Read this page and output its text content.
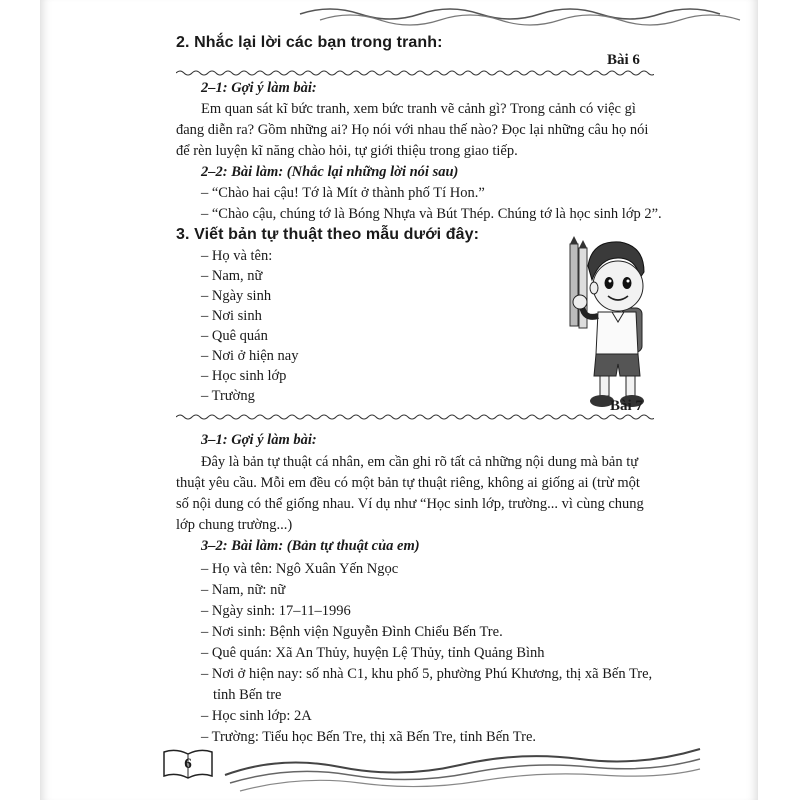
2. Nhắc lại lời các bạn trong tranh:
Bài 6
2–1: Gợi ý làm bài:
Em quan sát kĩ bức tranh, xem bức tranh vẽ cảnh gì? Trong cảnh có việc gì
đang diễn ra? Gồm những ai? Họ nói với nhau thế nào? Đọc lại những câu họ nói
để rèn luyện kĩ năng chào hỏi, tự giới thiệu trong giao tiếp.
2–2: Bài làm: (Nhắc lại những lời nói sau)
– “Chào hai cậu! Tớ là Mít ở thành phố Tí Hon.”
– “Chào cậu, chúng tớ là Bóng Nhựa và Bút Thép. Chúng tớ là học sinh lớp 2”.
3. Viết bản tự thuật theo mẫu dưới đây:
– Họ và tên:
– Nam, nữ
– Ngày sinh
– Nơi sinh
– Quê quán
– Nơi ở hiện nay
– Học sinh lớp
– Trường
Bài 7
3–1: Gợi ý làm bài:
Đây là bản tự thuật cá nhân, em cần ghi rõ tất cả những nội dung mà bản tự
thuật yêu cầu. Mỗi em đều có một bản tự thuật riêng, không ai giống ai (trừ một
số nội dung có thể giống nhau. Ví dụ như “Học sinh lớp, trường... vì cùng chung
lớp chung trường...)
3–2: Bài làm: (Bản tự thuật của em)
– Họ và tên: Ngô Xuân Yến Ngọc
– Nam, nữ: nữ
– Ngày sinh: 17–11–1996
– Nơi sinh: Bệnh viện Nguyễn Đình Chiểu Bến Tre.
– Quê quán: Xã An Thủy, huyện Lệ Thủy, tỉnh Quảng Bình
– Nơi ở hiện nay: số nhà C1, khu phố 5, phường Phú Khương, thị xã Bến Tre,
tỉnh Bến tre
– Học sinh lớp: 2A
– Trường: Tiểu học Bến Tre, thị xã Bến Tre, tỉnh Bến Tre.
6
